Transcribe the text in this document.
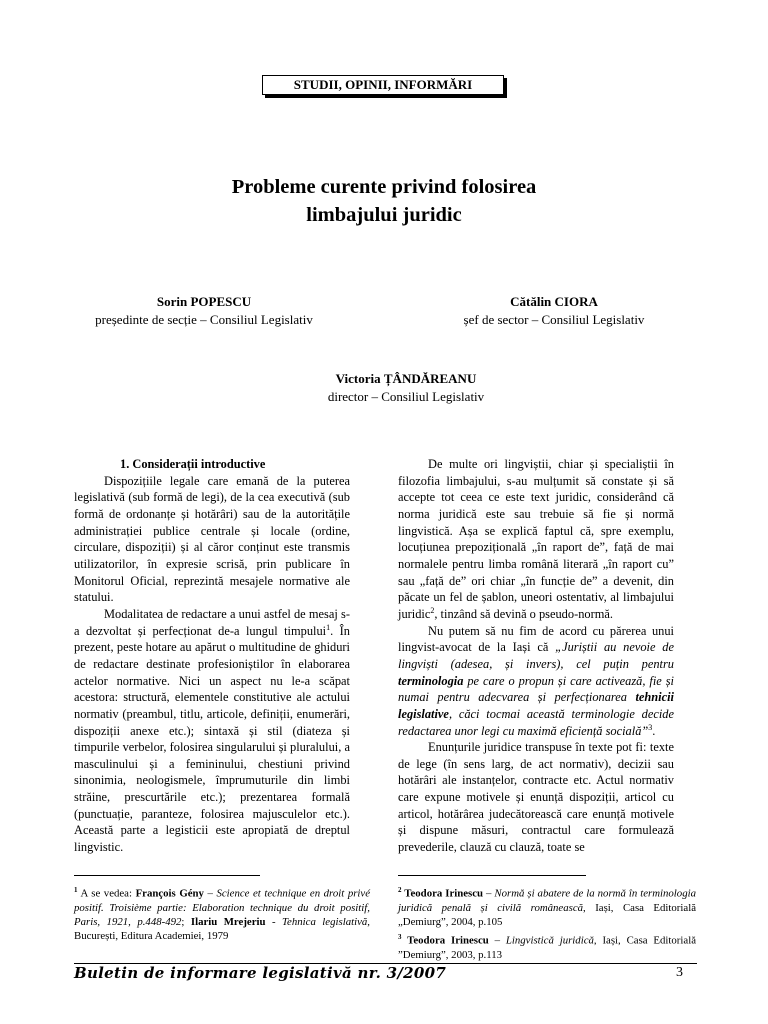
STUDII, OPINII, INFORMĂRI
Probleme curente privind folosirea
limbajului juridic
Sorin POPESCU
președinte de secție – Consiliul Legislativ
Cătălin CIORA
șef de sector – Consiliul Legislativ
Victoria ȚÂNDĂREANU
director – Consiliul Legislativ

1. Considerații introductive

Dispozițiile legale care emană de la puterea legislativă (sub formă de legi), de la cea executivă (sub formă de ordonanțe și hotărâri) sau de la autoritățile administrației publice centrale și locale (ordine, circulare, dispoziții) și al căror conținut este transmis utilizatorilor, în expresie scrisă, prin publicare în Monitorul Oficial, reprezintă mesajele normative ale statului.

Modalitatea de redactare a unui astfel de mesaj s-a dezvoltat și perfecționat de-a lungul timpului$^1$. În prezent, peste hotare au apărut o multitudine de ghiduri de redactare destinate profesioniștilor în elaborarea actelor normative. Nici un aspect nu le-a scăpat acestora: structură, elementele constitutive ale actului normativ (preambul, titlu, articole, definiții, enumerări, dispoziții anexe etc.); sintaxă și stil (diateza și timpurile verbelor, folosirea singularului și pluralului, a masculinului și a femininului, chestiuni privind sinonimia, neologismele, împrumuturile din limbi străine, prescurtările etc.); prezentarea formală (punctuație, paranteze, folosirea majusculelor etc.). Această parte a legisticii este apropiată de dreptul lingvistic.

De multe ori lingviștii, chiar și specialiștii în filozofia limbajului, s-au mulțumit să constate și să accepte tot ceea ce este text juridic, considerând că norma juridică este sau trebuie să fie și normă lingvistică. Așa se explică faptul că, spre exemplu, locuțiunea prepozițională „în raport de”, față de mai normalele pentru limba română literară „în raport cu” sau „față de” ori chiar „în funcție de” a devenit, din păcate un fel de șablon, uneori ostentativ, al limbajului juridic$^2$, tinzând să devină o pseudo-normă.

Nu putem să nu fim de acord cu părerea unui lingvist-avocat de la Iași că „Juriștii au nevoie de lingviști (adesea, și invers), cel puțin pentru terminologia pe care o propun și care activează, fie și numai pentru adecvarea și perfecționarea tehnicii legislative, căci tocmai această terminologie decide redactarea unor legi cu maximă eficiență socială”$^3$.

Enunțurile juridice transpuse în texte pot fi: texte de lege (în sens larg, de act normativ), decizii sau hotărâri ale instanțelor, contracte etc. Actul normativ care expune motivele și enunță dispoziții, articol cu articol, hotărârea judecătorească care enunță motivele și dispune măsuri, contractul care formulează prevederile, clauză cu clauză, toate se

$^1$ A se vedea: François Gény – Science et technique en droit privé positif. Troisième partie: Elaboration technique du droit positif, Paris, 1921, p.448-492; Ilariu Mrejeriu - Tehnica legislativă, București, Editura Academiei, 1979

$^2$ Teodora Irinescu – Normă și abatere de la normă în terminologia juridică penală și civilă românească, Iași, Casa Editorială „Demiurg”, 2004, p.105

$^3$ Teodora Irinescu – Lingvistică juridică, Iași, Casa Editorială ”Demiurg”, 2003, p.113

Buletin de informare legislativă nr. 3/2007	3
